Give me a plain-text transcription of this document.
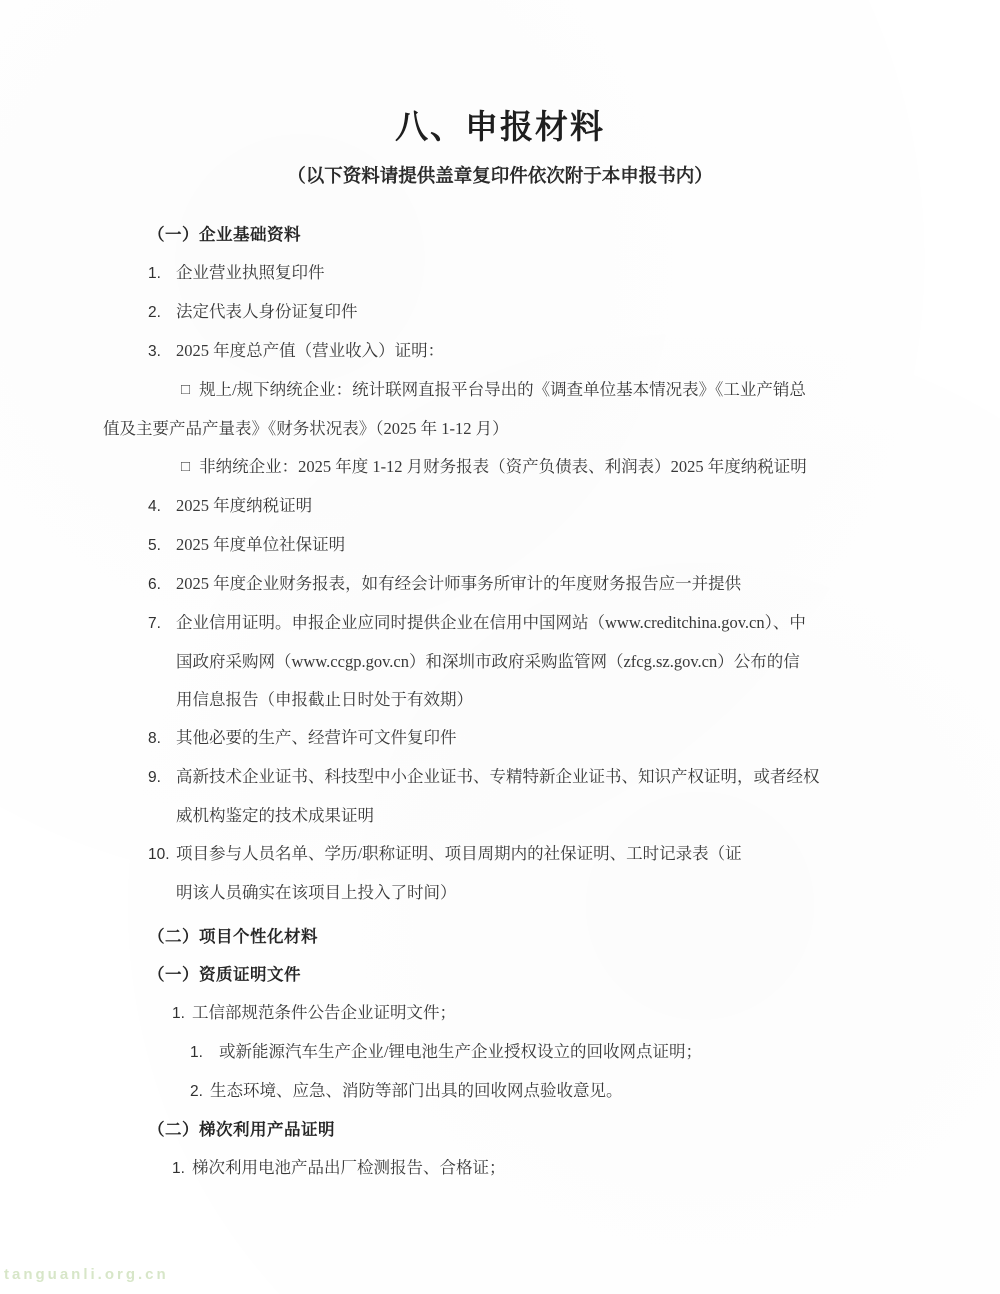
八、申报材料
（以下资料请提供盖章复印件依次附于本申报书内）
（一）企业基础资料
1. 企业营业执照复印件
2. 法定代表人身份证复印件
3. 2025 年度总产值（营业收入）证明：
□ 规上/规下纳统企业：统计联网直报平台导出的《调查单位基本情况表》《工业产销总
值及主要产品产量表》《财务状况表》（2025 年 1-12 月）
□ 非纳统企业：2025 年度 1-12 月财务报表（资产负债表、利润表）2025 年度纳税证明
4. 2025 年度纳税证明
5. 2025 年度单位社保证明
6. 2025 年度企业财务报表，如有经会计师事务所审计的年度财务报告应一并提供
7. 企业信用证明。申报企业应同时提供企业在信用中国网站（www.creditchina.gov.cn）、中
国政府采购网（www.ccgp.gov.cn）和深圳市政府采购监管网（zfcg.sz.gov.cn）公布的信
用信息报告（申报截止日时处于有效期）
8. 其他必要的生产、经营许可文件复印件
9. 高新技术企业证书、科技型中小企业证书、专精特新企业证书、知识产权证明，或者经权
威机构鉴定的技术成果证明
10. 项目参与人员名单、学历/职称证明、项目周期内的社保证明、工时记录表（证
明该人员确实在该项目上投入了时间）
（二）项目个性化材料
（一）资质证明文件
1. 工信部规范条件公告企业证明文件；
1. 或新能源汽车生产企业/锂电池生产企业授权设立的回收网点证明；
2. 生态环境、应急、消防等部门出具的回收网点验收意见。
（二）梯次利用产品证明
1. 梯次利用电池产品出厂检测报告、合格证；
tanguanli.org.cn
